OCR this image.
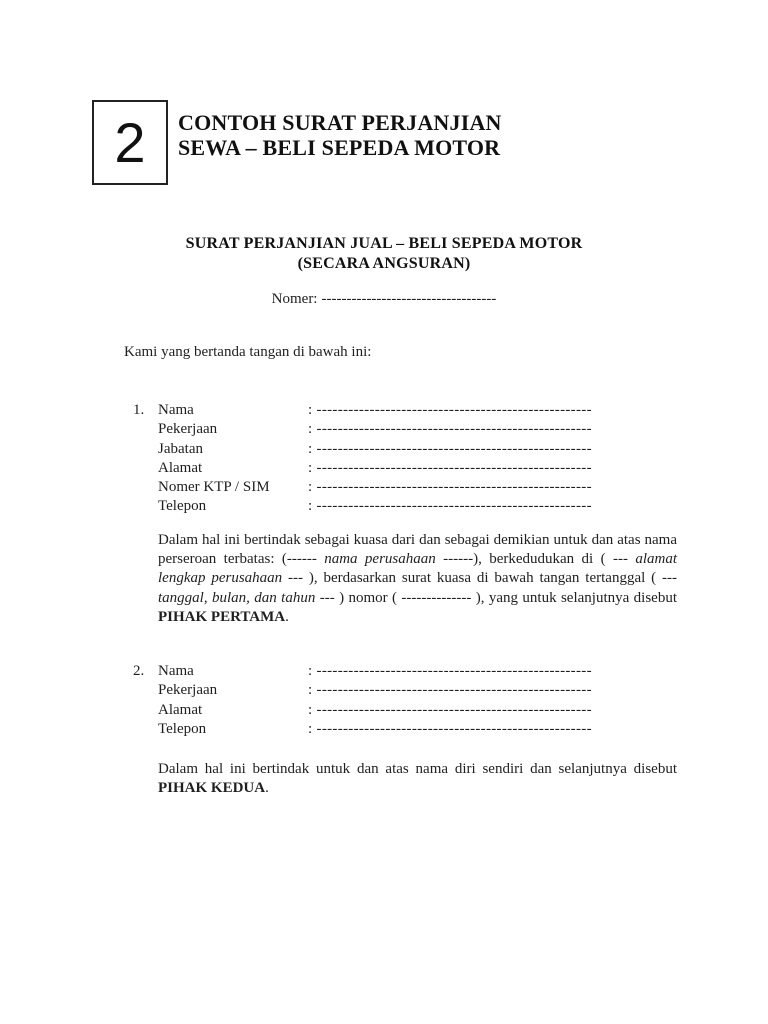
2 CONTOH SURAT PERJANJIAN
SEWA – BELI SEPEDA MOTOR
SURAT PERJANJIAN JUAL – BELI SEPEDA MOTOR
(SECARA ANGSURAN)
Nomer: -----------------------------------
Kami yang bertanda tangan di bawah ini:
1. Nama	: ----------------------------------------------------
Pekerjaan	: ----------------------------------------------------
Jabatan	: ----------------------------------------------------
Alamat	: ----------------------------------------------------
Nomer KTP / SIM	: ----------------------------------------------------
Telepon	: ----------------------------------------------------
Dalam hal ini bertindak sebagai kuasa dari dan sebagai demikian untuk dan atas nama perseroan terbatas: (------ nama perusahaan ------), berkedudukan di ( --- alamat lengkap perusahaan --- ), berdasarkan surat kuasa di bawah tangan tertanggal ( --- tanggal, bulan, dan tahun --- ) nomor ( -------------- ), yang untuk selanjutnya disebut PIHAK PERTAMA.
2. Nama	: ----------------------------------------------------
Pekerjaan	: ----------------------------------------------------
Alamat	: ----------------------------------------------------
Telepon	: ----------------------------------------------------
Dalam hal ini bertindak untuk dan atas nama diri sendiri dan selanjutnya disebut PIHAK KEDUA.
